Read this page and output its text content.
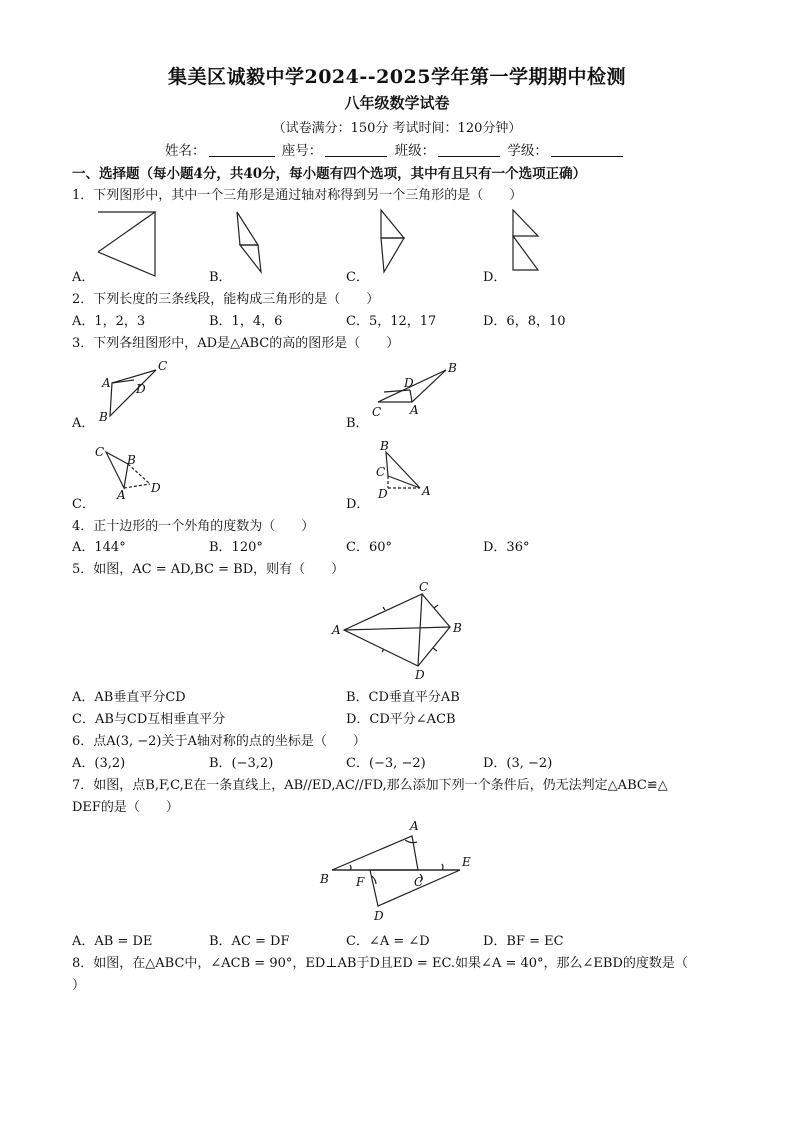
集美区诚毅中学2024--2025学年第一学期期中检测
八年级数学试卷
（试卷满分：150分 考试时间：120分钟）
姓名：	座号：	班级：	学级：
一、选择题（每小题4分，共40分，每小题有四个选项，其中有且只有一个选项正确）
1．下列图形中，其中一个三角形是通过轴对称得到另一个三角形的是（　　）
A．	B．	C．	D．
2．下列长度的三条线段，能构成三角形的是（　　）
A．1，2，3	B．1，4，6	C．5，12，17	D．6，8，10
3．下列各组图形中，AD是△ABC的高的图形是（　　）
A
B
C
D
C A
B
D
C
B
A D
B
C
D	A
A．	B．
C．	D．
4．正十边形的一个外角的度数为（　　）
A．144°	B．120°	C．60°	D．36°
5．如图，AC = AD,BC = BD，则有（　　）
A	B
C
D
A．AB垂直平分CD	B．CD垂直平分AB
C．AB与CD互相垂直平分	D．CD平分∠ACB
6．点A(3, −2)关于A轴对称的点的坐标是（　　）
A．(3,2)	B．(−3,2)	C．(−3, −2)	D．(3, −2)
7．如图，点B,F,C,E在一条直线上，AB//ED,AC//FD,那么添加下列一个条件后，仍无法判定△ABC≌△
DEF的是（　　）
A
B	C
D
E
F
A．AB = DE	B．AC = DF	C．∠A = ∠D	D．BF = EC
8．如图，在△ABC中，∠ACB = 90°，ED⊥AB于D且ED = EC.如果∠A = 40°，那么∠EBD的度数是（
）
